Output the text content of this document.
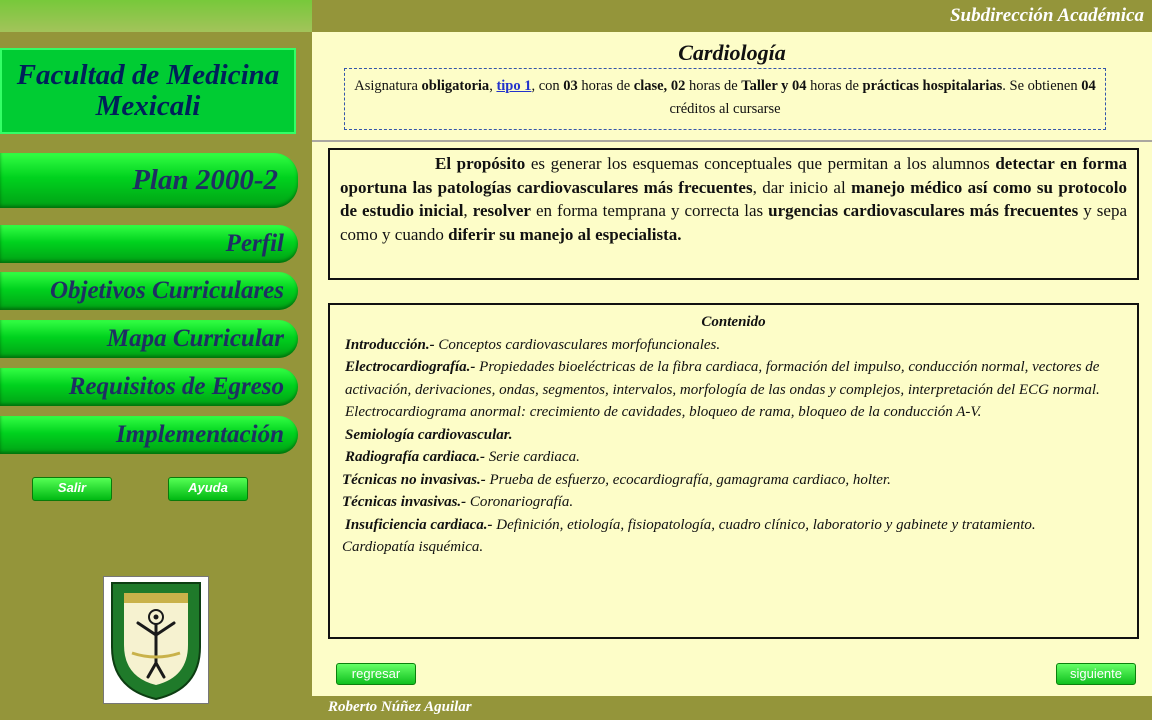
Subdirección Académica
Facultad de Medicina
Mexicali
Plan 2000-2
Perfil
Objetivos Curriculares
Mapa Curricular
Requisitos de Egreso
Implementación
Salir	Ayuda
Cardiología
Asignatura obligatoria, tipo 1, con 03 horas de clase, 02 horas de Taller y 04 horas de prácticas hospitalarias. Se obtienen 04 créditos al cursarse
El propósito es generar los esquemas conceptuales que permitan a los alumnos detectar en forma oportuna las patologías cardiovasculares más frecuentes, dar inicio al manejo médico así como su protocolo de estudio inicial, resolver en forma temprana y correcta las urgencias cardiovasculares más frecuentes y sepa como y cuando diferir su manejo al especialista.
Contenido

Introducción.- Conceptos cardiovasculares morfofuncionales.

Electrocardiografía.- Propiedades bioeléctricas de la fibra cardiaca, formación del impulso, conducción normal, vectores de activación, derivaciones, ondas, segmentos, intervalos, morfología de las ondas y complejos, interpretación del ECG normal. Electrocardiograma anormal: crecimiento de cavidades, bloqueo de rama, bloqueo de la conducción A-V.

Semiología cardiovascular.

Radiografía cardiaca.- Serie cardiaca.

Técnicas no invasivas.- Prueba de esfuerzo, ecocardiografía, gamagrama cardiaco, holter.

Técnicas invasivas.- Coronariografía.

Insuficiencia cardiaca.- Definición, etiología, fisiopatología, cuadro clínico, laboratorio y gabinete y tratamiento.

Cardiopatía isquémica.

regresar	siguiente
Roberto Núñez Aguilar
